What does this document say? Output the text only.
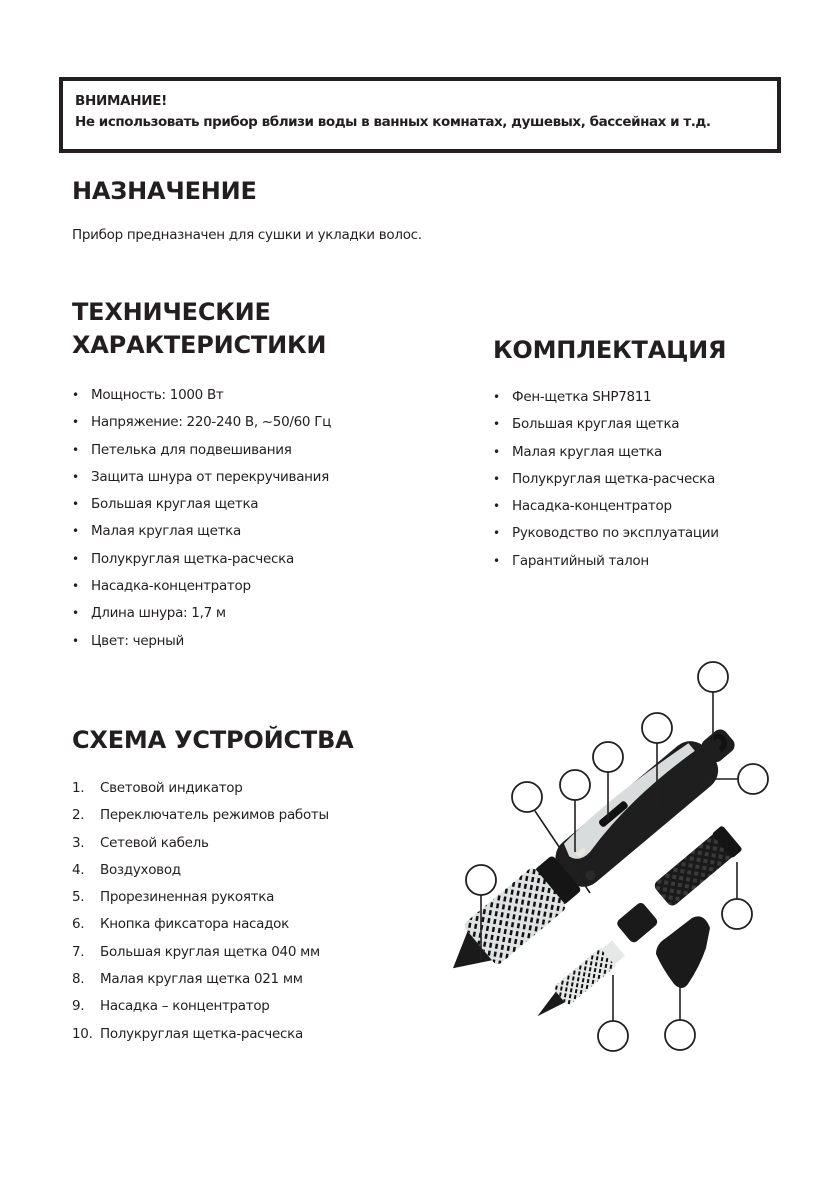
ВНИМАНИЕ!
Не использовать прибор вблизи воды в ванных комнатах, душевых, бассейнах и т.д.
НАЗНАЧЕНИЕ
Прибор предназначен для сушки и укладки волос.
ТЕХНИЧЕСКИЕ
ХАРАКТЕРИСТИКИ
• Мощность: 1000 Вт
• Напряжение: 220-240 В, ~50/60 Гц
• Петелька для подвешивания
• Защита шнура от перекручивания
• Большая круглая щетка
• Малая круглая щетка
• Полукруглая щетка-расческа
• Насадка-концентратор
• Длина шнура: 1,7 м
• Цвет: черный
КОМПЛЕКТАЦИЯ
• Фен-щетка SHP7811
• Большая круглая щетка
• Малая круглая щетка
• Полукруглая щетка-расческа
• Насадка-концентратор
• Руководство по эксплуатации
• Гарантийный талон
СХЕМА УСТРОЙСТВА
1. Световой индикатор
2. Переключатель режимов работы
3. Сетевой кабель
4. Воздуховод
5. Прорезиненная рукоятка
6. Кнопка фиксатора насадок
7. Большая круглая щетка 040 мм
8. Малая круглая щетка 021 мм
9. Насадка – концентратор
10. Полукруглая щетка-расческа
